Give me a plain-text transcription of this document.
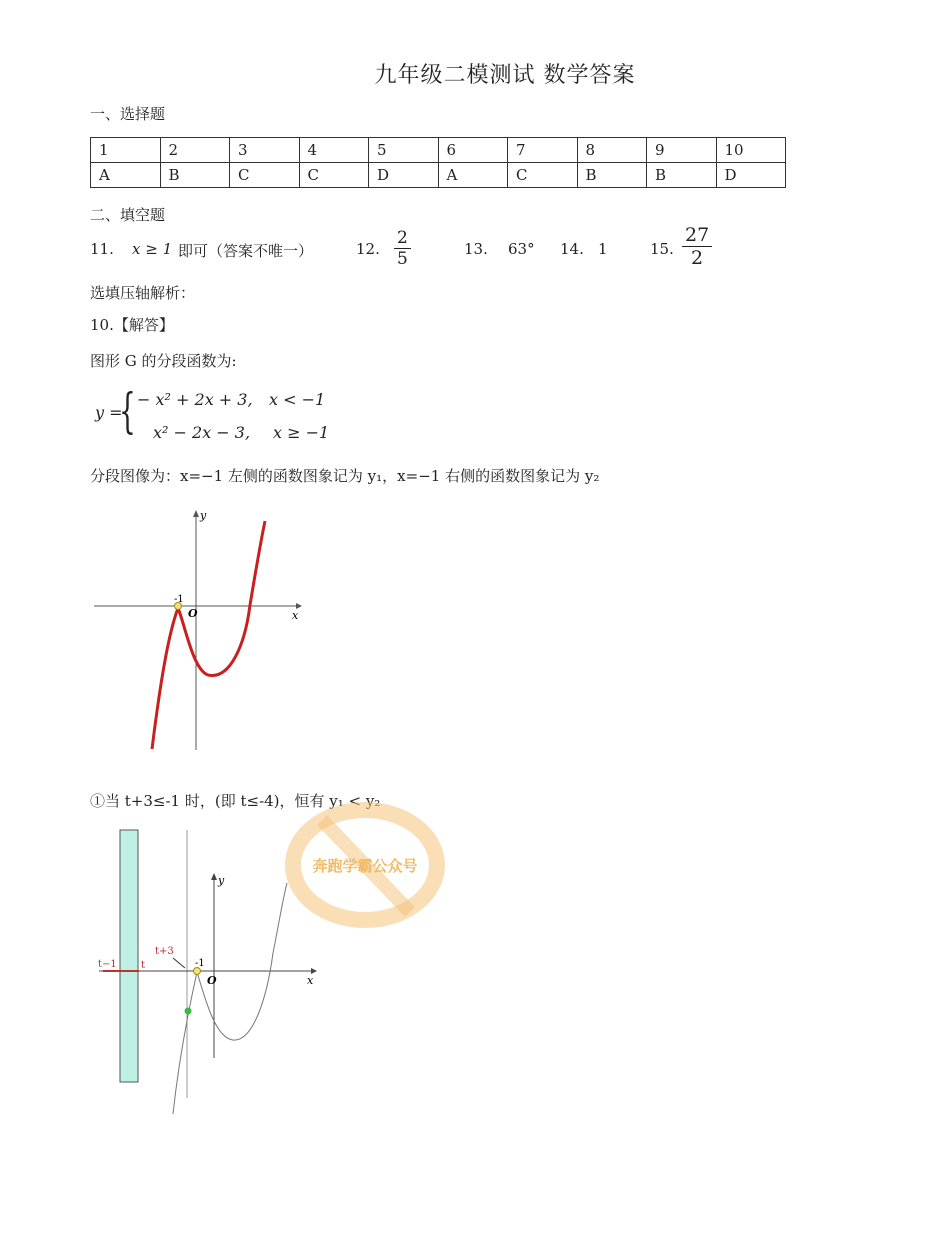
九年级二模测试 数学答案
一、选择题
1	2	3	4	5	6	7	8	9	10
A	B	C	C	D	A	C	B	B	D
二、填空题
11. x ≥ 1 即可（答案不唯一）	12. $\frac{2}{5}$	13. 63° 14. 1	15. $\frac{27}{2}$
选填压轴解析：
10.【解答】
图形 G 的分段函数为:
y =
{ − x² + 2x + 3, x < −1
x² − 2x − 3, x ≥ −1
分段图像为：x=−1 左侧的函数图象记为 y₁，x=−1 右侧的函数图象记为 y₂
y
x
O
-1
①当 t+3≤-1 时，(即 t≤-4)，恒有 y₁ < y₂
奔跑学霸公众号
t−1 t
t+3
-1
y
O	x
